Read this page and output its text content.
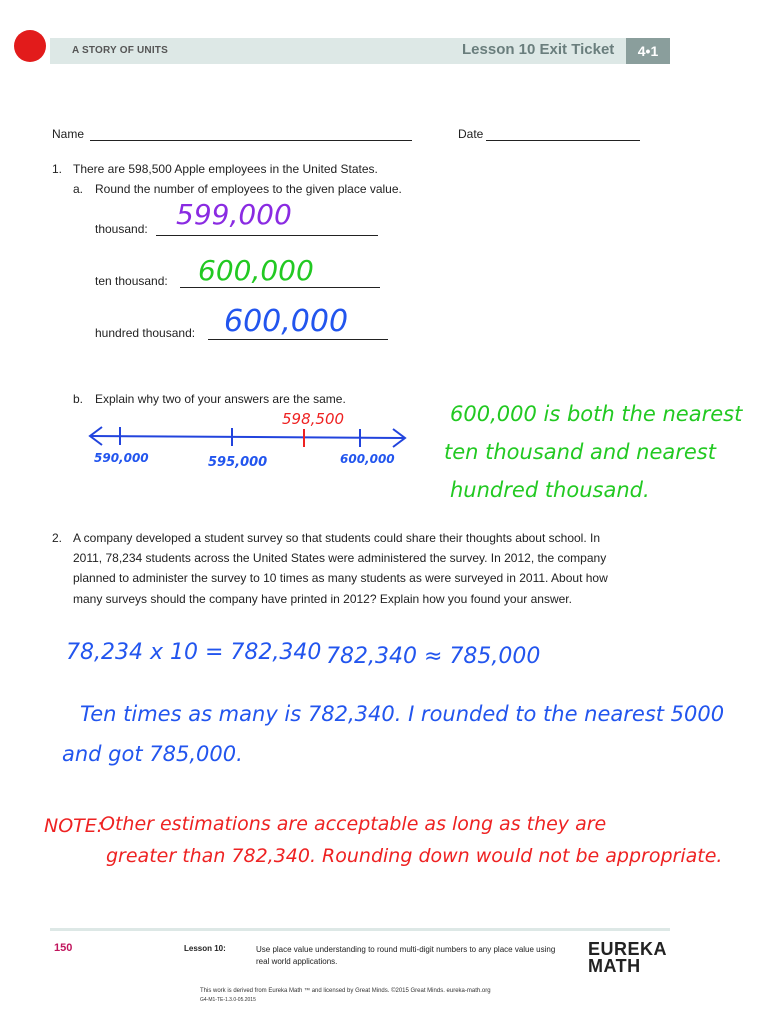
A STORY OF UNITS	Lesson 10 Exit Ticket	4•1
Name	Date
1. There are 598,500 Apple employees in the United States.
a. Round the number of employees to the given place value.
thousand: 599,000
ten thousand: 600,000
hundred thousand: 600,000
b. Explain why two of your answers are the same.
598,500
590,000	595,000	600,000
600,000 is both the nearest
ten thousand and nearest
hundred thousand.
2. A company developed a student survey so that students could share their thoughts about school. In
2011, 78,234 students across the United States were administered the survey. In 2012, the company
planned to administer the survey to 10 times as many students as were surveyed in 2011. About how
many surveys should the company have printed in 2012? Explain how you found your answer.
78,234 x 10 = 782,340 782,340 ≈ 785,000
Ten times as many is 782,340. I rounded to the nearest 5000
and got 785,000.
NOTE:
Other estimations are acceptable as long as they are
greater than 782,340. Rounding down would not be appropriate.
150	Lesson 10:	Use place value understanding to round multi-digit numbers to any place value using real world applications.
EUREKA
MATH
This work is derived from Eureka Math ™ and licensed by Great Minds. ©2015 Great Minds. eureka-math.org
G4-M1-TE-1.3.0-05.2015
